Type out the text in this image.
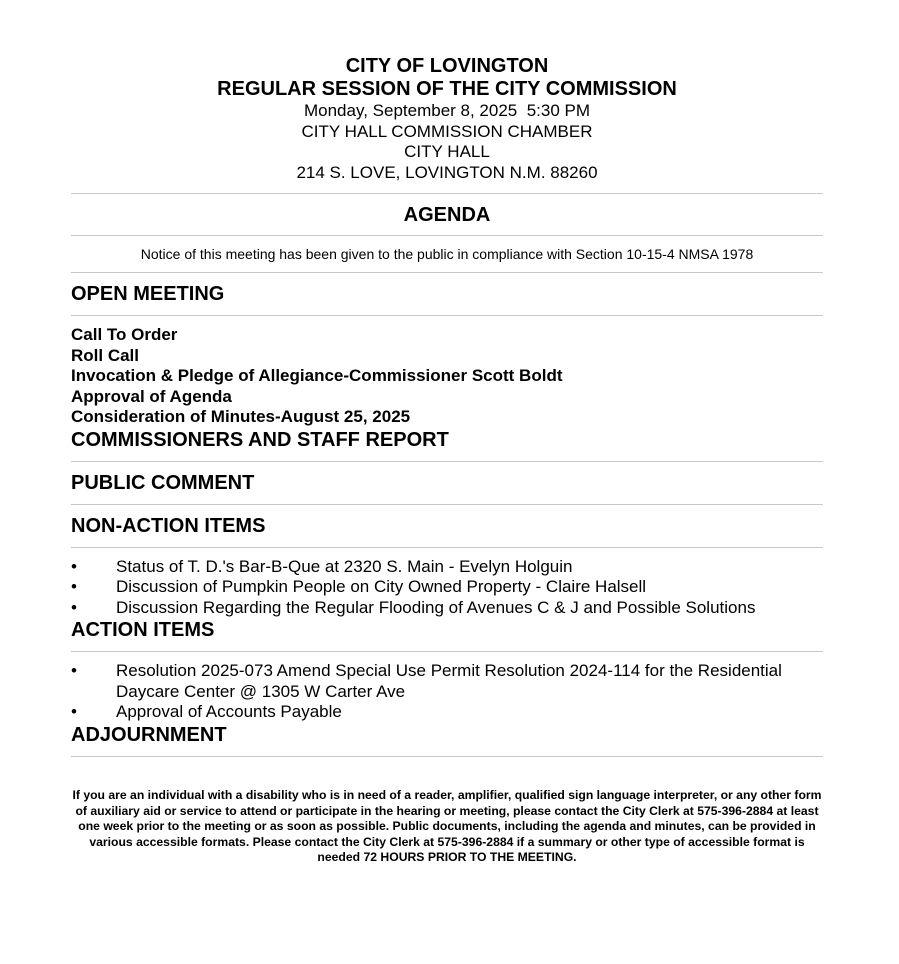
CITY OF LOVINGTON
REGULAR SESSION OF THE CITY COMMISSION
Monday, September 8, 2025  5:30 PM
CITY HALL COMMISSION CHAMBER
CITY HALL
214 S. LOVE, LOVINGTON N.M. 88260
AGENDA
Notice of this meeting has been given to the public in compliance with Section 10-15-4 NMSA 1978
OPEN MEETING
Call To Order
Roll Call
Invocation & Pledge of Allegiance-Commissioner Scott Boldt
Approval of Agenda
Consideration of Minutes-August 25, 2025
COMMISSIONERS AND STAFF REPORT
PUBLIC COMMENT
NON-ACTION ITEMS
• Status of T. D.'s Bar-B-Que at 2320 S. Main - Evelyn Holguin
• Discussion of Pumpkin People on City Owned Property - Claire Halsell
• Discussion Regarding the Regular Flooding of Avenues C & J and Possible Solutions
ACTION ITEMS
• Resolution 2025-073 Amend Special Use Permit Resolution 2024-114 for the Residential Daycare Center @ 1305 W Carter Ave
• Approval of Accounts Payable
ADJOURNMENT
If you are an individual with a disability who is in need of a reader, amplifier, qualified sign language interpreter, or any other form of auxiliary aid or service to attend or participate in the hearing or meeting, please contact the City Clerk at 575-396-2884 at least one week prior to the meeting or as soon as possible. Public documents, including the agenda and minutes, can be provided in various accessible formats. Please contact the City Clerk at 575-396-2884 if a summary or other type of accessible format is needed 72 HOURS PRIOR TO THE MEETING.
